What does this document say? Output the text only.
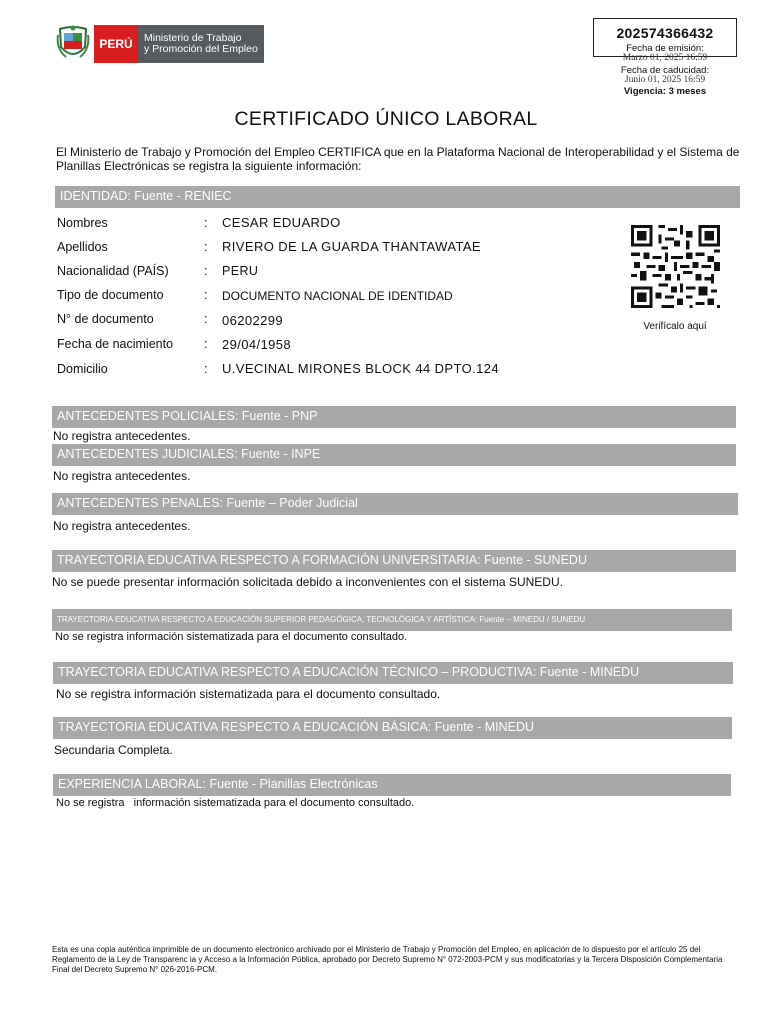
PERÚ	Ministerio de Trabajo
y Promoción del Empleo
202574366432
Fecha de emisión:
Marzo 01, 2025 16:59
Fecha de caducidad:
Junio 01, 2025 16:59
Vigencia: 3 meses
CERTIFICADO ÚNICO LABORAL
El Ministerio de Trabajo y Promoción del Empleo CERTIFICA que en la Plataforma Nacional de Interoperabilidad y el Sistema de Planillas Electrónicas se registra la siguiente información:
IDENTIDAD: Fuente - RENIEC
Nombres	: CESAR EDUARDO
Apellidos	: RIVERO DE LA GUARDA THANTAWATAE
Nacionalidad (PAÍS)	: PERU
Tipo de documento	: DOCUMENTO NACIONAL DE IDENTIDAD
N° de documento	: 06202299
Fecha de nacimiento : 29/04/1958
Domicilio	: U.VECINAL MIRONES BLOCK 44 DPTO.124
Verifícalo aquí
ANTECEDENTES POLICIALES: Fuente - PNP
No registra antecedentes.
ANTECEDENTES JUDICIALES: Fuente - INPE
No registra antecedentes.
ANTECEDENTES PENALES: Fuente – Poder Judicial
No registra antecedentes.
TRAYECTORIA EDUCATIVA RESPECTO A FORMACIÓN UNIVERSITARIA: Fuente - SUNEDU
No se puede presentar información solicitada debido a inconvenientes con el sistema SUNEDU.
TRAYECTORIA EDUCATIVA RESPECTO A EDUCACIÓN SUPERIOR PEDAGÓGICA, TECNOLÓGICA Y ARTÍSTICA: Fuente – MINEDU / SUNEDU
No se registra información sistematizada para el documento consultado.
TRAYECTORIA EDUCATIVA RESPECTO A EDUCACIÓN TÉCNICO – PRODUCTIVA: Fuente - MINEDU
No se registra información sistematizada para el documento consultado.
TRAYECTORIA EDUCATIVA RESPECTO A EDUCACIÓN BÁSICA: Fuente - MINEDU
Secundaria Completa.
EXPERIENCIA LABORAL: Fuente - Planillas Electrónicas
No se registra   información sistematizada para el documento consultado.
Esta es una copia auténtica imprimible de un documento electrónico archivado por el Ministerio de Trabajo y Promoción del Empleo, en aplicación de lo dispuesto por el artículo 25 del Reglamento de la Ley de Transparenc ia y Acceso a la Información Pública, aprobado por Decreto Supremo N° 072-2003-PCM y sus modificatorias y la Tercera Disposición Complementaria Final del Decreto Supremo N° 026-2016-PCM.
